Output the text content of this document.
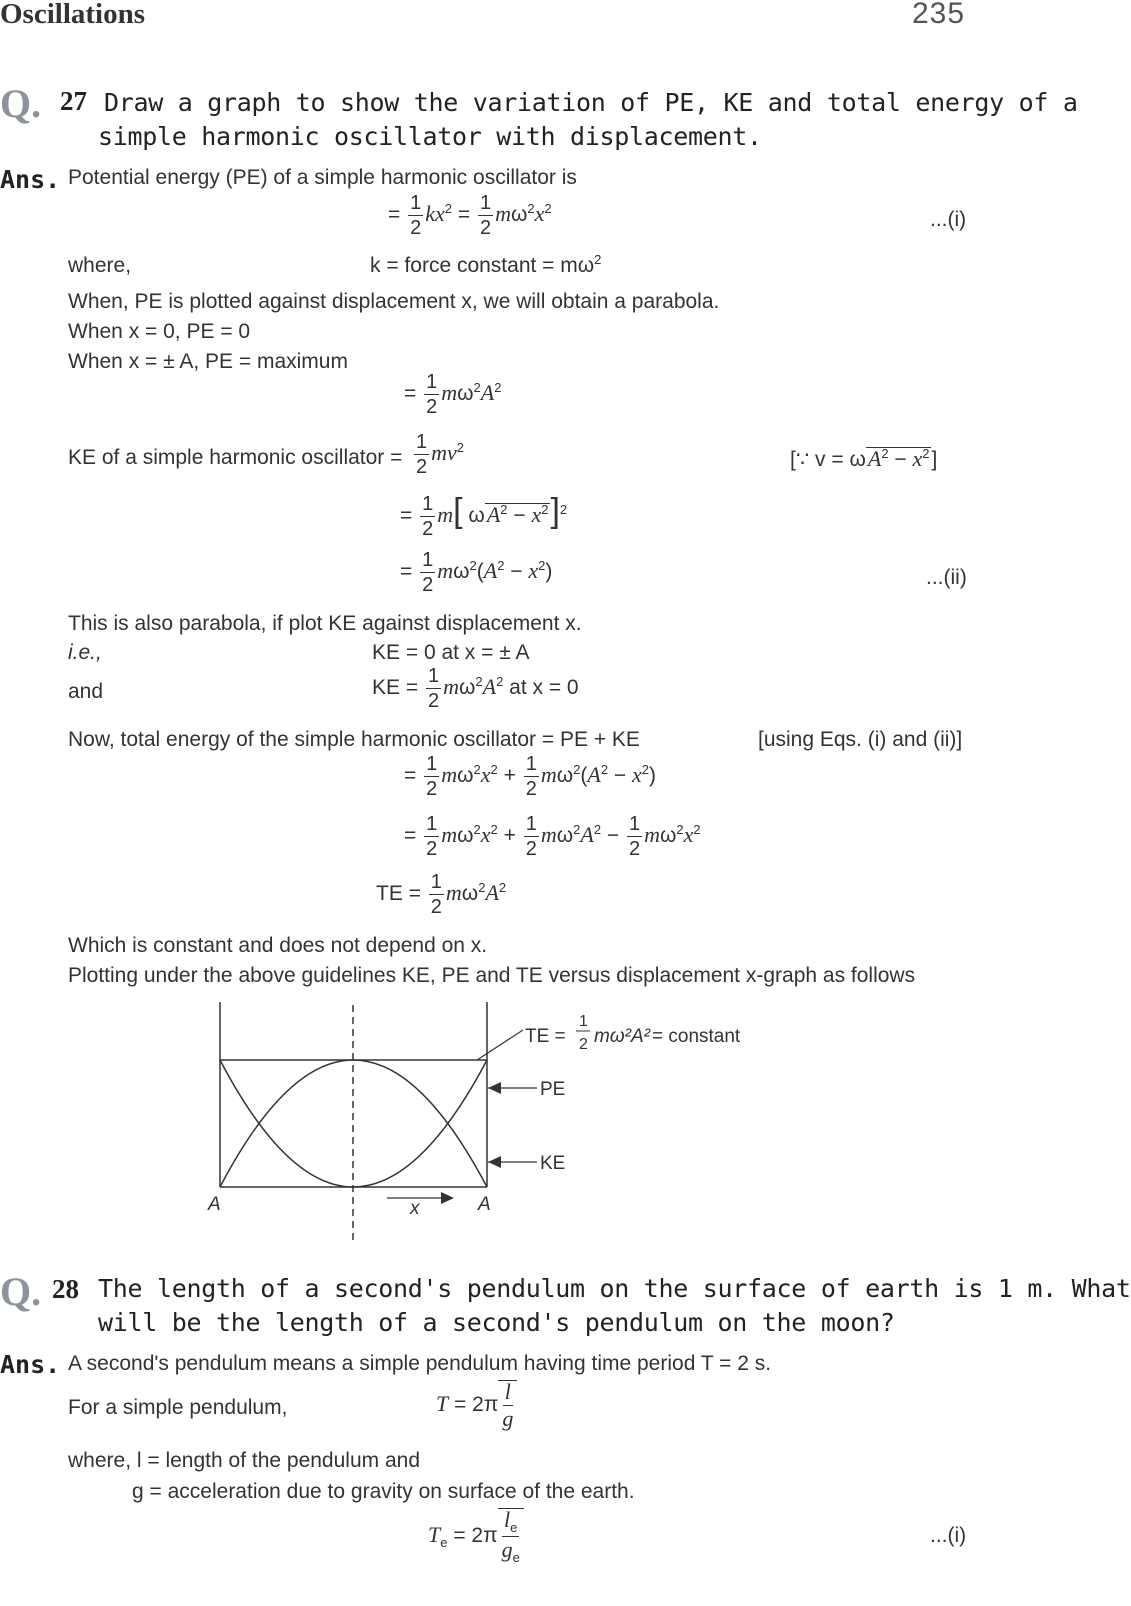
Oscillations	235
Q. 27 Draw a graph to show the variation of PE, KE and total energy of a
simple harmonic oscillator with displacement.
Ans. Potential energy (PE) of a simple harmonic oscillator is
= $\frac{1}{2} kx^2 = \frac{1}{2} m\omega^2x^2$	...(i)
where,	k = force constant = $m\omega^2$
When, PE is plotted against displacement x, we will obtain a parabola.
When x = 0, PE = 0
When x = ± A, PE = maximum
= $\frac{1}{2} m\omega^2A^2$
KE of a simple harmonic oscillator = $\frac{1}{2} mv^2$
[∵ $v = \omega A^2 - x^2$]
= $\frac{1}{2} m$[ $\omega A^2 - x^2]^2$
= $\frac{1}{2} m\omega^2(A^2 - x^2)$	...(ii)
This is also parabola, if plot KE against displacement x.
i.e.,	KE = 0 at x = ± A
and	KE = $\frac{1}{2} m\omega^2A^2$ at x = 0
Now, total energy of the simple harmonic oscillator = PE + KE	[using Eqs. (i) and (ii)]
= $\frac{1}{2} m\omega^2x^2 + \frac{1}{2} m\omega^2(A^2 - x^2)$
= $\frac{1}{2} m\omega^2x^2 + \frac{1}{2} m\omega^2A^2 - \frac{1}{2} m\omega^2x^2$
TE = $\frac{1}{2} m\omega^2A^2$
Which is constant and does not depend on x.
Plotting under the above guidelines KE, PE and TE versus displacement x-graph as follows
TE =
1
2 mω²A² = constant
PE
KE
A	A
x
Q. 28 The length of a second's pendulum on the surface of earth is 1 m. What
will be the length of a second's pendulum on the moon?
Ans. A second's pendulum means a simple pendulum having time period T = 2 s.
For a simple pendulum,	$T = 2\pi \frac{l}{g}$
where, l = length of the pendulum and
g = acceleration due to gravity on surface of the earth.
$T_e = 2\pi \frac{l_e}{g_e}$	...(i)
